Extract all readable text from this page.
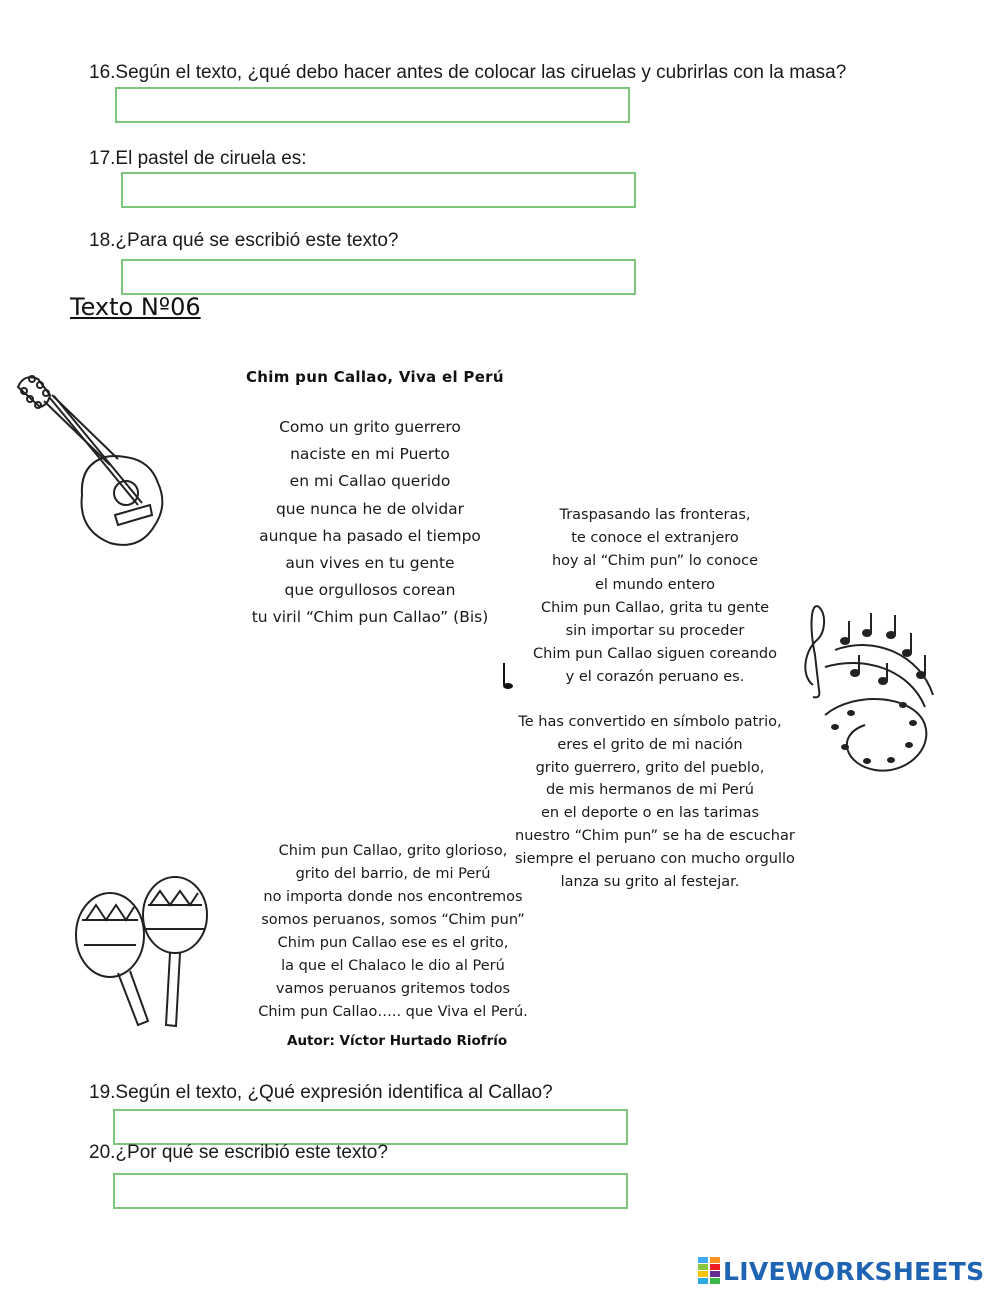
16.Según el texto, ¿qué debo hacer antes de colocar las ciruelas y cubrirlas con la masa?
17.El pastel de ciruela es:
18.¿Para qué se escribió este texto?
Texto Nº06
Chim pun Callao, Viva el Perú
Como un grito guerrero
naciste en mi Puerto
en mi Callao querido
que nunca he de olvidar
aunque ha pasado el tiempo
aun vives en tu gente
que orgullosos corean
tu viril “Chim pun Callao” (Bis)
Traspasando las fronteras,
te conoce el extranjero
hoy al “Chim pun” lo conoce
el mundo entero
Chim pun Callao, grita tu gente
sin importar su proceder
Chim pun Callao siguen coreando
y el corazón peruano es.
Te has convertido en símbolo patrio,
eres el grito de mi nación
grito guerrero, grito del pueblo,
de mis hermanos de mi Perú
en el deporte o en las tarimas
nuestro “Chim pun” se ha de escuchar
siempre el peruano con mucho orgullo
lanza su grito al festejar.
Chim pun Callao, grito glorioso,
grito del barrio, de mi Perú
no importa donde nos encontremos
somos peruanos, somos “Chim pun”
Chim pun Callao ese es el grito,
la que el Chalaco le dio al Perú
vamos peruanos gritemos todos
Chim pun Callao….. que Viva el Perú.
Autor: Víctor Hurtado Riofrío
19.Según el texto, ¿Qué expresión identifica al Callao?
20.¿Por qué se escribió este texto?
LIVEWORKSHEETS
